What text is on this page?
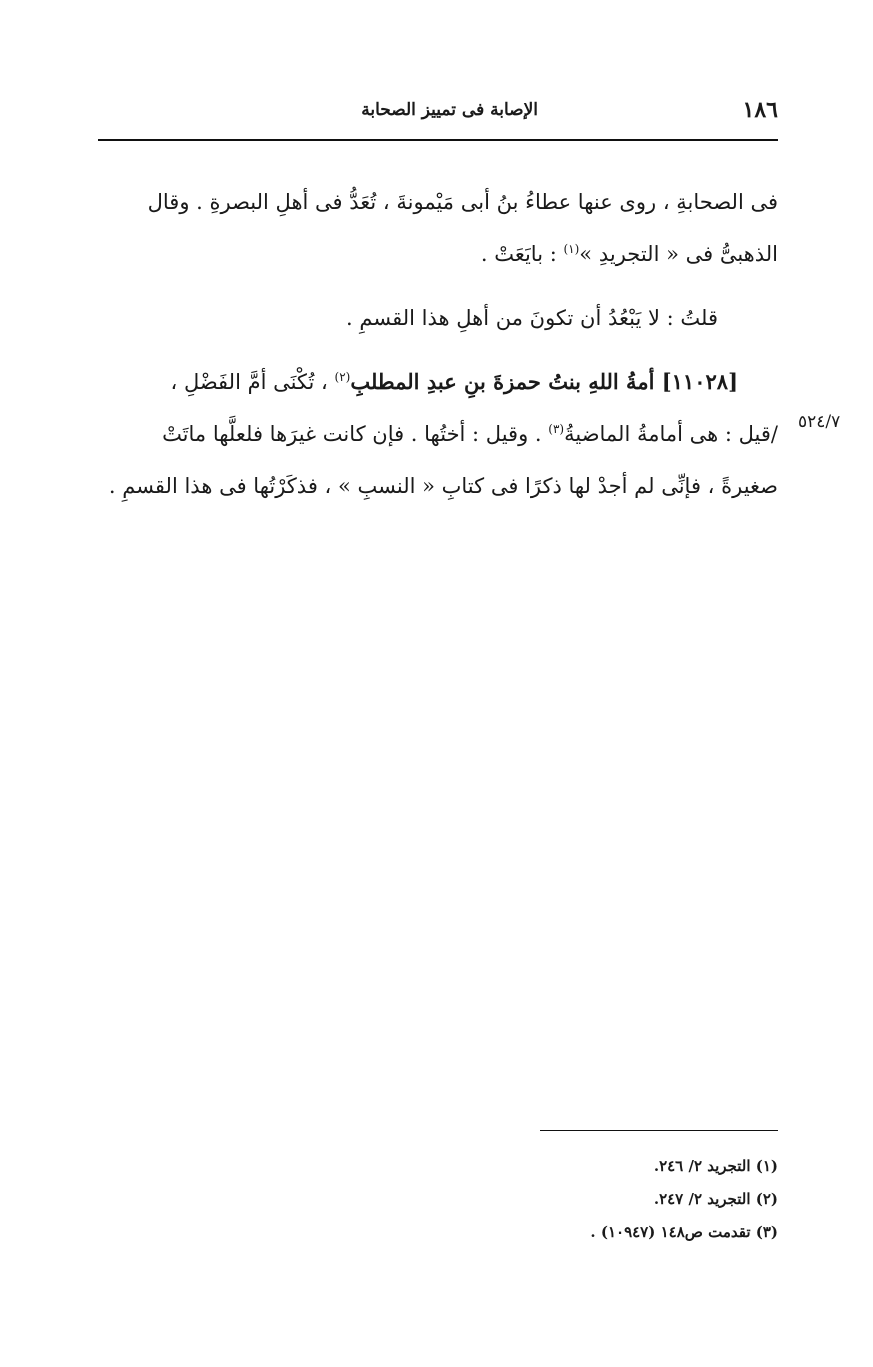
١٨٦
الإصابة فى تمييز الصحابة
٥٢٤/٧

فى الصحابةِ ، روى عنها عطاءُ بنُ أبى مَيْمونةَ ، تُعَدُّ فى أهلِ البصرةِ . وقال

الذهبىُّ فى « التجريدِ »$^{(١)}$ : بايَعَتْ .

قلتُ : لا يَبْعُدُ أن تكونَ من أهلِ هذا القسمِ .

[١١٠٢٨] أمةُ اللهِ بنتُ حمزةَ بنِ عبدِ المطلبِ$^{(٢)}$ ، تُكْنَى أمَّ الفَضْلِ ،

/قيل : هى أمامةُ الماضيةُ$^{(٣)}$ . وقيل : أختُها . فإن كانت غيرَها فلعلَّها ماتَتْ

صغيرةً ، فإنِّى لم أجدْ لها ذكرًا فى كتابِ « النسبِ » ، فذكَرْتُها فى هذا القسمِ .

(١) التجريد ٢/ ٢٤٦.
(٢) التجريد ٢/ ٢٤٧.
(٣) تقدمت ص١٤٨ (١٠٩٤٧) .
